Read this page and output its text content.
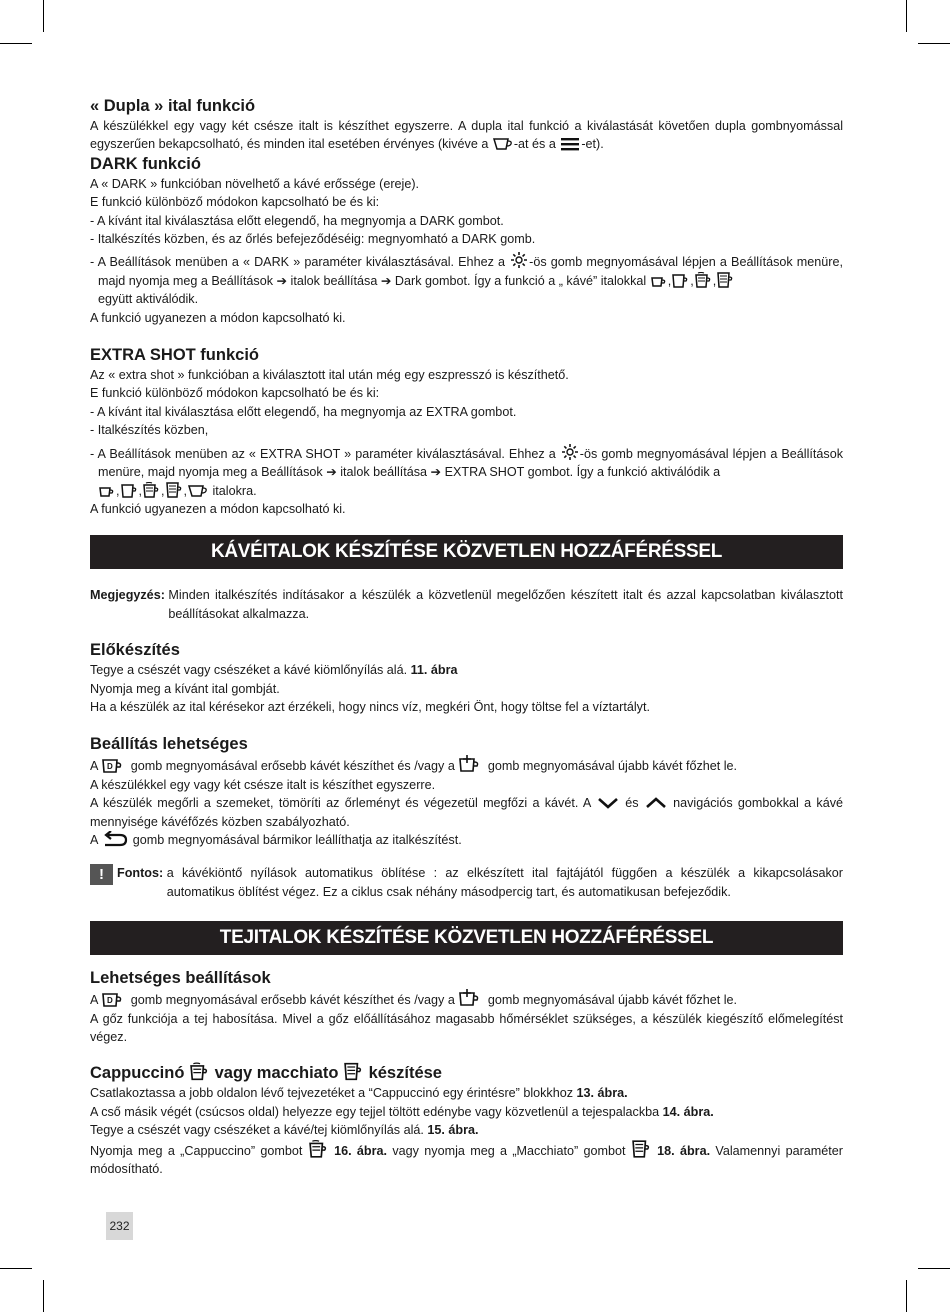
« Dupla » ital funkció

A készülékkel egy vagy két csésze italt is készíthet egyszerre. A dupla ital funkció a kiválastását követően dupla gombnyomással egyszerűen bekapcsolható, és minden ital esetében érvényes (kivéve a
-at és a
-et).

DARK funkció

A « DARK » funkcióban növelhető a kávé erőssége (ereje).

E funkció különböző módokon kapcsolható be és ki:

- A kívánt ital kiválasztása előtt elegendő, ha megnyomja a DARK gombot.

- Italkészítés közben, és az őrlés befejeződéséig: megnyomható a DARK gomb.

- A Beállítások menüben a « DARK » paraméter kiválasztásával. Ehhez a
-ös gomb megnyomásával lépjen a Beállítások menüre, majd nyomja meg a Beállítások ➔ italok beállítása ➔ Dark gombot. Így a funkció a „ kávé” italokkal
, , ,

együtt aktiválódik.

A funkció ugyanezen a módon kapcsolható ki.

EXTRA SHOT funkció

Az « extra shot » funkcióban a kiválasztott ital után még egy eszpresszó is készíthető.

E funkció különböző módokon kapcsolható be és ki:

- A kívánt ital kiválasztása előtt elegendő, ha megnyomja az EXTRA gombot.

- Italkészítés közben,

- A Beállítások menüben az « EXTRA SHOT » paraméter kiválasztásával. Ehhez a
-ös gomb megnyomásával lépjen a Beállítások menüre, majd nyomja meg a Beállítások ➔ italok beállítása ➔ EXTRA SHOT gombot. Így a funkció aktiválódik a

, , , ,
italokra.

A funkció ugyanezen a módon kapcsolható ki.

KÁVÉITALOK KÉSZÍTÉSE KÖZVETLEN HOZZÁFÉRÉSSEL
Megjegyzés: Minden italkészítés indításakor a készülék a közvetlenül megelőzően készített italt és azzal kapcsolatban kiválasztott beállításokat alkalmazza.
Előkészítés

Tegye a csészét vagy csészéket a kávé kiömlőnyílás alá. 11. ábra

Nyomja meg a kívánt ital gombját.

Ha a készülék az ital kérésekor azt érzékeli, hogy nincs víz, megkéri Önt, hogy töltse fel a víztartályt.

Beállítás lehetséges

A D gomb megnyomásával erősebb kávét készíthet és /vagy a
gomb megnyomásával újabb kávét főzhet le.

A készülékkel egy vagy két csésze italt is készíthet egyszerre.

A készülék megőrli a szemeket, tömöríti az őrleményt és végezetül megfőzi a kávét. A
és
navigációs gombokkal a kávé mennyisége kávéfőzés közben szabályozható.

A
gomb megnyomásával bármikor leállíthatja az italkészítést.

! Fontos: a kávékiöntő nyílások automatikus öblítése : az elkészített ital fajtájától függően a készülék a kikapcsolásakor automatikus öblítést végez. Ez a ciklus csak néhány másodpercig tart, és automatikusan befejeződik.
TEJITALOK KÉSZÍTÉSE KÖZVETLEN HOZZÁFÉRÉSSEL
Lehetséges beállítások

A D gomb megnyomásával erősebb kávét készíthet és /vagy a
gomb megnyomásával újabb kávét főzhet le.

A gőz funkciója a tej habosítása. Mivel a gőz előállításához magasabb hőmérséklet szükséges, a készülék kiegészítő előmelegítést végez.

Cappuccinó
vagy macchiato
készítése

Csatlakoztassa a jobb oldalon lévő tejvezetéket a “Cappuccinó egy érintésre” blokkhoz 13. ábra.

A cső másik végét (csúcsos oldal) helyezze egy tejjel töltött edénybe vagy közvetlenül a tejespalackba 14. ábra.

Tegye a csészét vagy csészéket a kávé/tej kiömlőnyílás alá. 15. ábra.

Nyomja meg a „Cappuccino” gombot
16. ábra. vagy nyomja meg a „Macchiato” gombot
18. ábra. Valamennyi paraméter módosítható.

232
